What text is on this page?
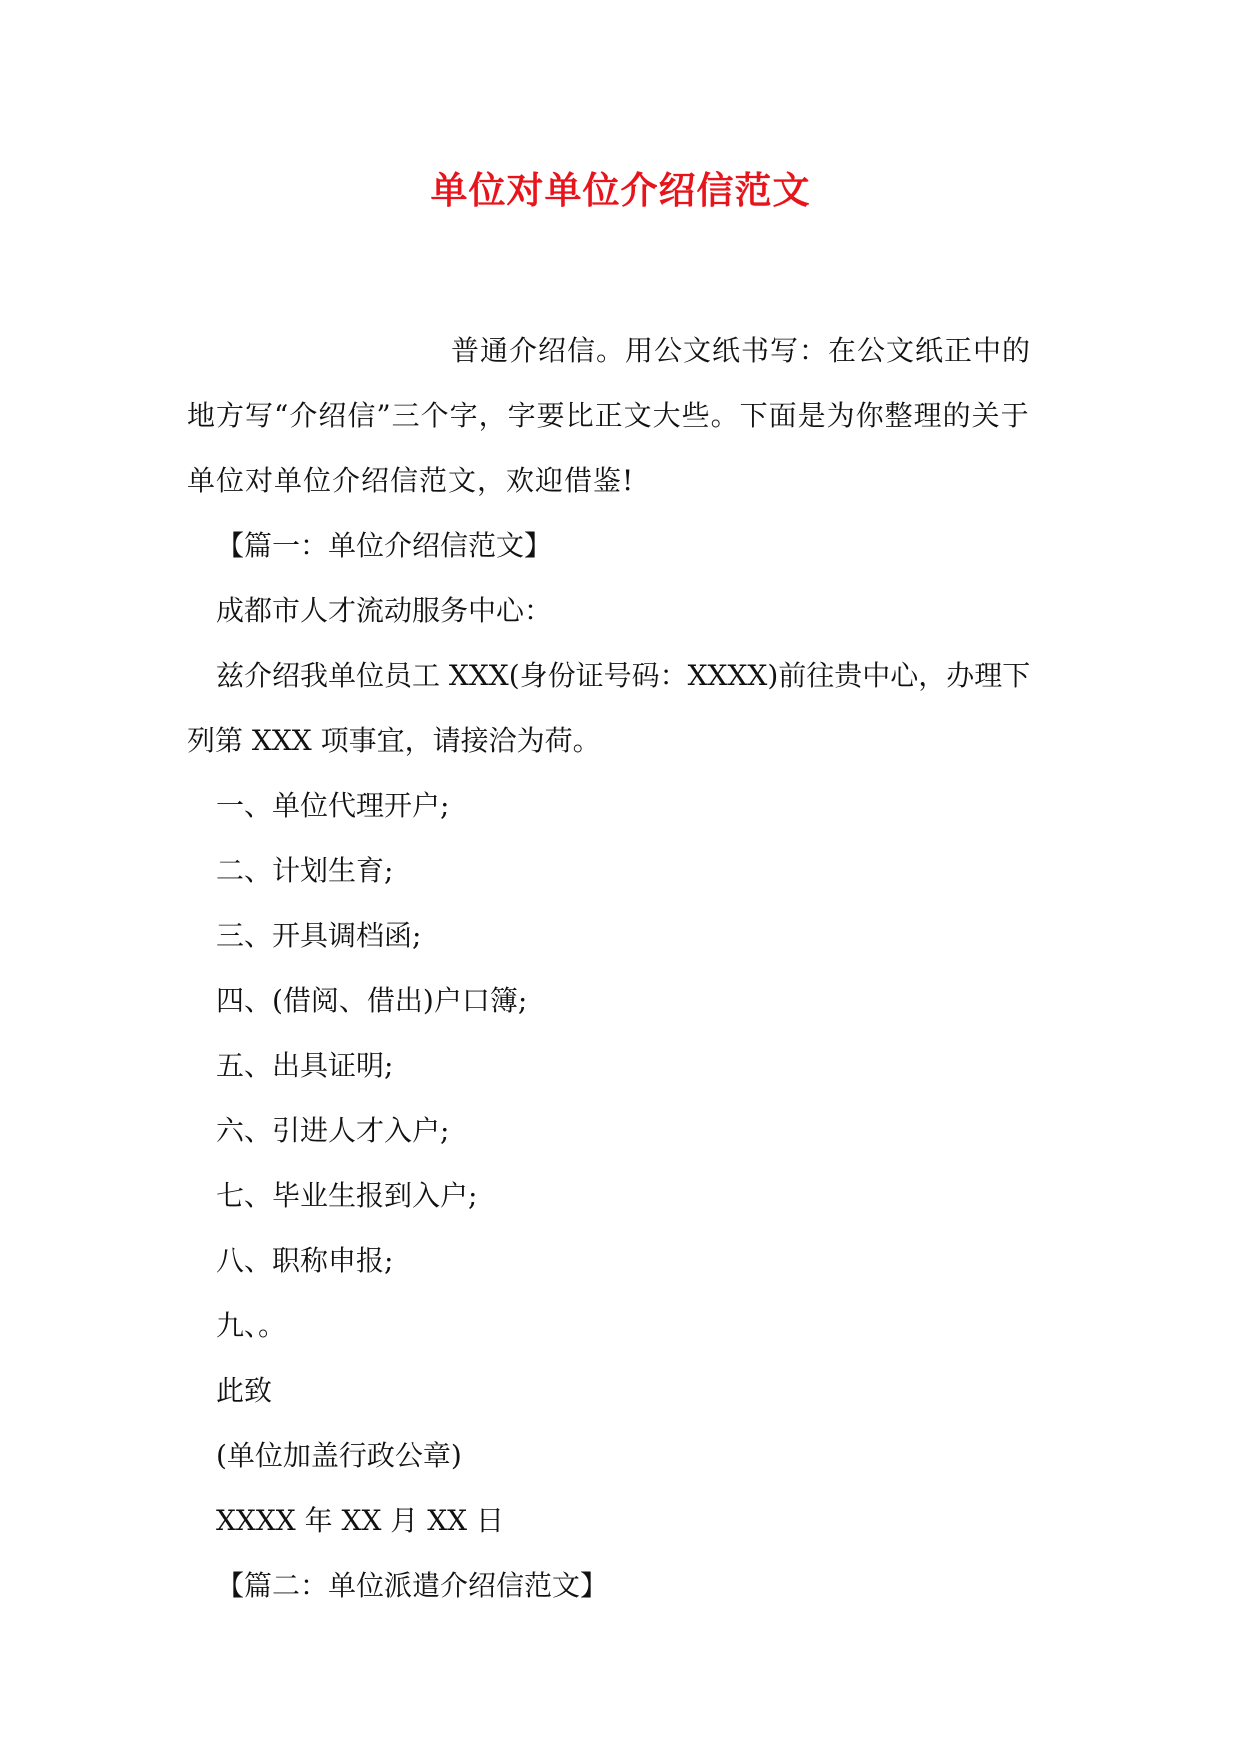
单位对单位介绍信范文

普通介绍信。用公文纸书写：在公文纸正中的地方写“介绍信”三个字，字要比正文大些。下面是为你整理的关于单位对单位介绍信范文，欢迎借鉴!

【篇一：单位介绍信范文】

成都市人才流动服务中心：

兹介绍我单位员工 XXX(身份证号码：XXXX)前往贵中心，办理下列第 XXX 项事宜，请接洽为荷。

一、单位代理开户;

二、计划生育;

三、开具调档函;

四、(借阅、借出)户口簿;

五、出具证明;

六、引进人才入户;

七、毕业生报到入户;

八、职称申报;

九、。

此致

(单位加盖行政公章)

XXXX 年 XX 月 XX 日

【篇二：单位派遣介绍信范文】
